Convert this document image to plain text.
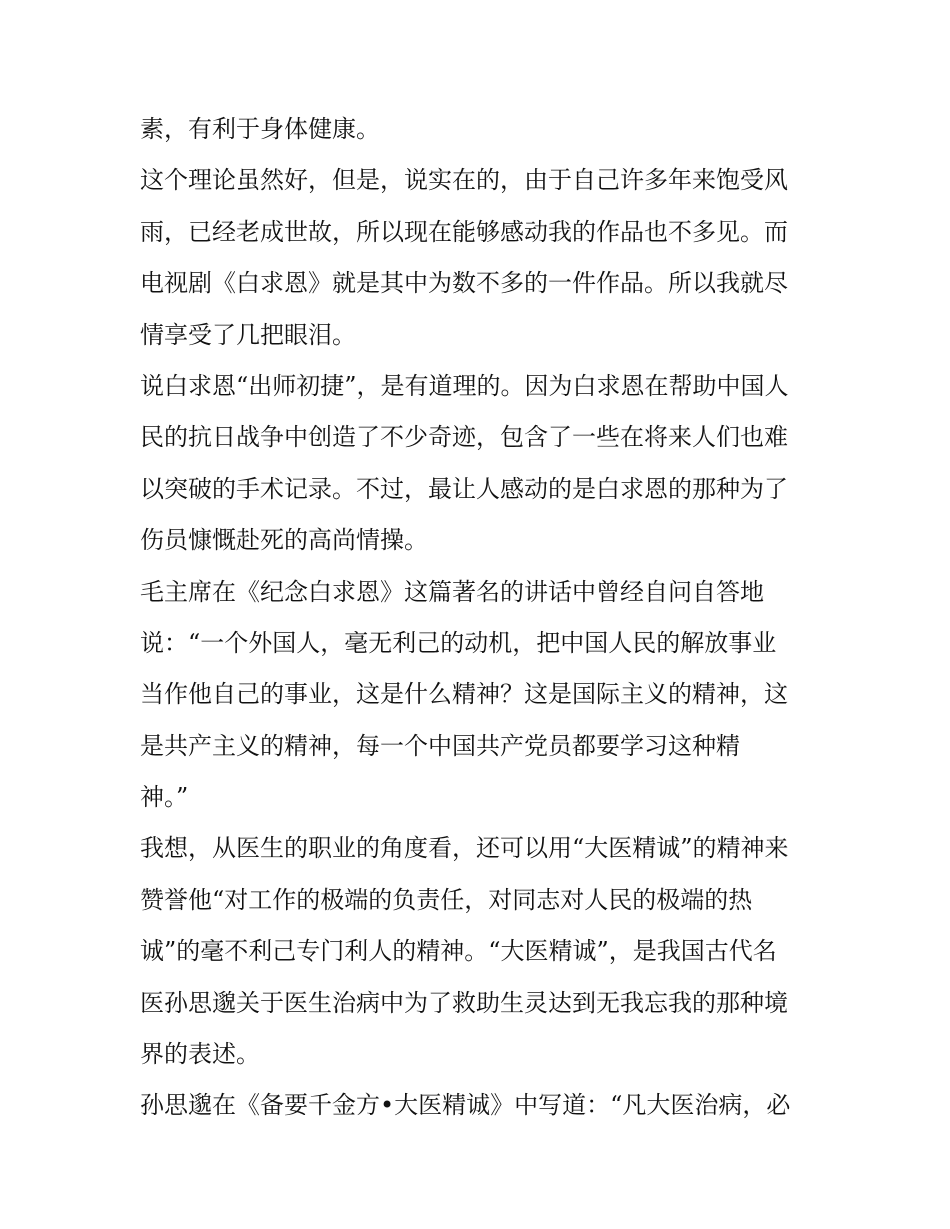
素，有利于身体健康。
这个理论虽然好，但是，说实在的，由于自己许多年来饱受风
雨，已经老成世故，所以现在能够感动我的作品也不多见。而
电视剧《白求恩》就是其中为数不多的一件作品。所以我就尽
情享受了几把眼泪。
说白求恩“出师初捷”，是有道理的。因为白求恩在帮助中国人
民的抗日战争中创造了不少奇迹，包含了一些在将来人们也难
以突破的手术记录。不过，最让人感动的是白求恩的那种为了
伤员慷慨赴死的高尚情操。
毛主席在《纪念白求恩》这篇著名的讲话中曾经自问自答地
说：“一个外国人，毫无利己的动机，把中国人民的解放事业
当作他自己的事业，这是什么精神？这是国际主义的精神，这
是共产主义的精神，每一个中国共产党员都要学习这种精
神。”
我想，从医生的职业的角度看，还可以用“大医精诚”的精神来
赞誉他“对工作的极端的负责任，对同志对人民的极端的热
诚”的毫不利己专门利人的精神。“大医精诚”，是我国古代名
医孙思邈关于医生治病中为了救助生灵达到无我忘我的那种境
界的表述。
孙思邈在《备要千金方•大医精诚》中写道：“凡大医治病，必
